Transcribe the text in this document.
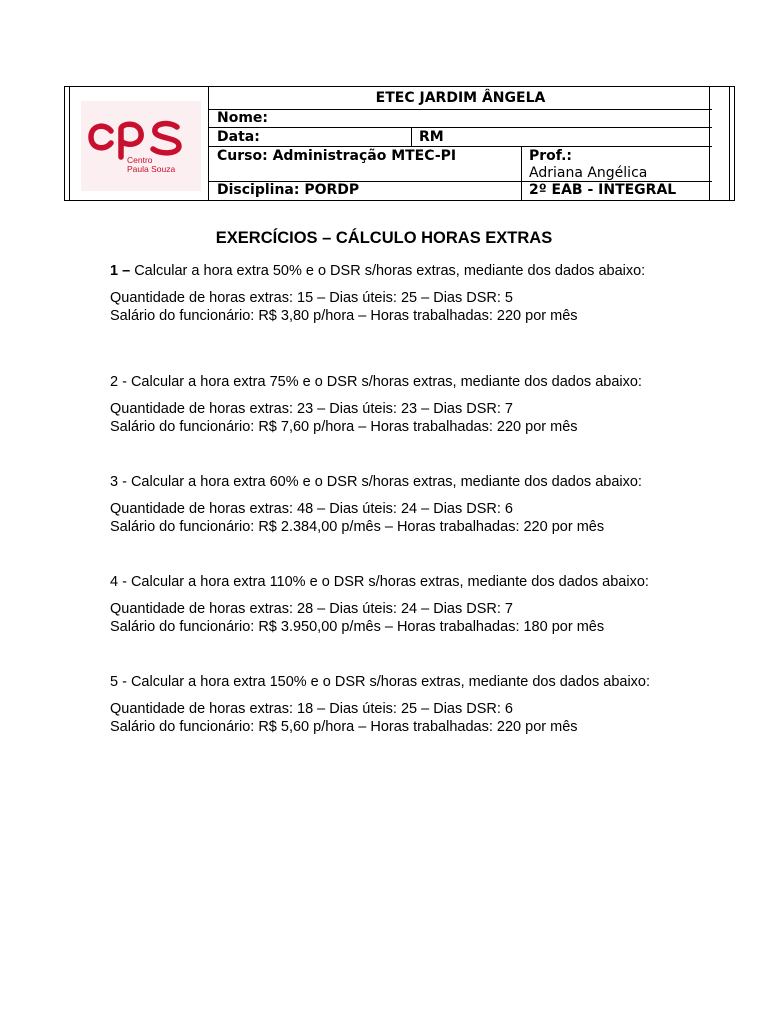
Centro
Paula Souza
ETEC JARDIM ÂNGELA
Nome:
Data:	RM
Curso: Administração MTEC-PI	Prof.: Adriana Angélica
Disciplina: PORDP	2º EAB - INTEGRAL
EXERCÍCIOS – CÁLCULO HORAS EXTRAS

1 – Calcular a hora extra 50% e o DSR s/horas extras, mediante dos dados abaixo:

Quantidade de horas extras: 15 – Dias úteis: 25 – Dias DSR: 5

Salário do funcionário: R$ 3,80 p/hora – Horas trabalhadas: 220 por mês

2 - Calcular a hora extra 75% e o DSR s/horas extras, mediante dos dados abaixo:

Quantidade de horas extras: 23 – Dias úteis: 23 – Dias DSR: 7

Salário do funcionário: R$ 7,60 p/hora – Horas trabalhadas: 220 por mês

3 - Calcular a hora extra 60% e o DSR s/horas extras, mediante dos dados abaixo:

Quantidade de horas extras: 48 – Dias úteis: 24 – Dias DSR: 6

Salário do funcionário: R$ 2.384,00 p/mês – Horas trabalhadas: 220 por mês

4 - Calcular a hora extra 110% e o DSR s/horas extras, mediante dos dados abaixo:

Quantidade de horas extras: 28 – Dias úteis: 24 – Dias DSR: 7

Salário do funcionário: R$ 3.950,00 p/mês – Horas trabalhadas: 180 por mês

5 - Calcular a hora extra 150% e o DSR s/horas extras, mediante dos dados abaixo:

Quantidade de horas extras: 18 – Dias úteis: 25 – Dias DSR: 6

Salário do funcionário: R$ 5,60 p/hora – Horas trabalhadas: 220 por mês
